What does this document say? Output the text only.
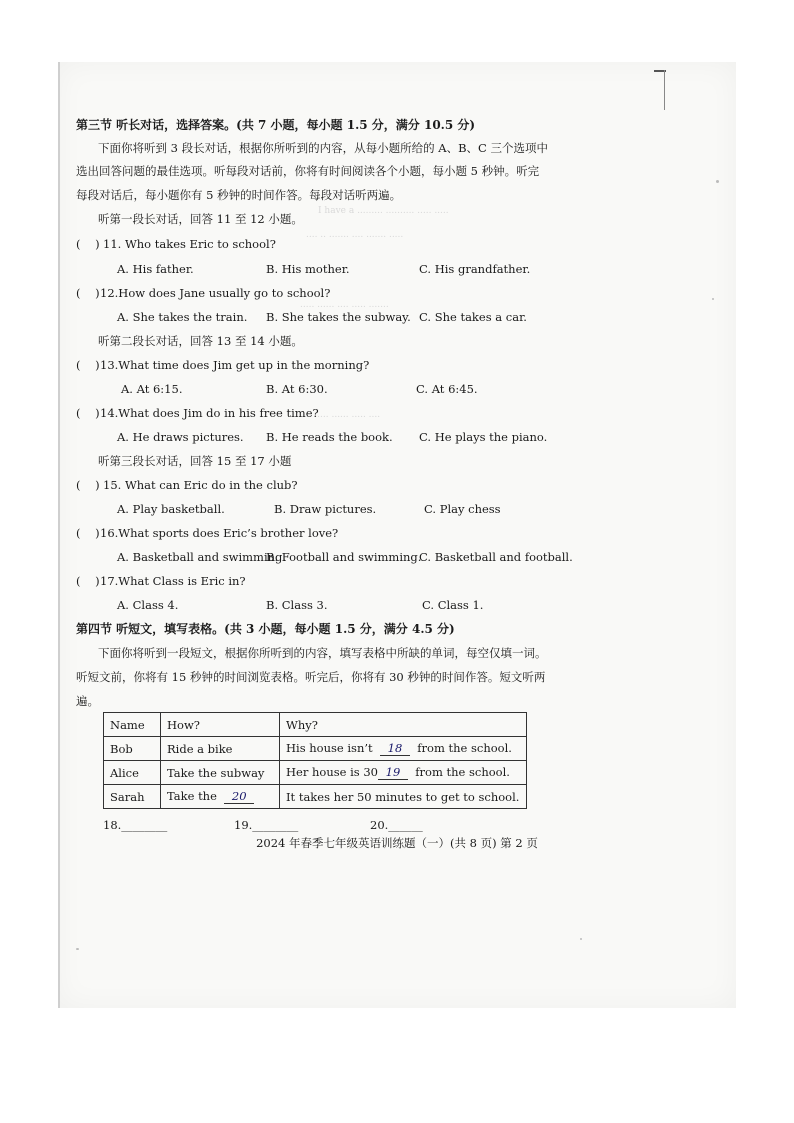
I have a ......... .......... ..... .....
.... .. ....... .... ....... .....
..... ...... .... ..... .......
.... ..... ...... ..... ....
第三节 听长对话，选择答案。(共 7 小题，每小题 1.5 分，满分 10.5 分)
下面你将听到 3 段长对话，根据你所听到的内容，从每小题所给的 A、B、C 三个选项中
选出回答问题的最佳选项。听每段对话前，你将有时间阅读各个小题，每小题 5 秒钟。听完
每段对话后，每小题你有 5 秒钟的时间作答。每段对话听两遍。
听第一段长对话，回答 11 至 12 小题。
( ) 11. Who takes Eric to school?
A. His father.	B. His mother.	C. His grandfather.
( ) 12.How does Jane usually go to school?
A. She takes the train. B. She takes the subway. C. She takes a car.
听第二段长对话，回答 13 至 14 小题。
( ) 13.What time does Jim get up in the morning?
A. At 6:15.	B. At 6:30.	C. At 6:45.
( ) 14.What does Jim do in his free time?
A. He draws pictures. B. He reads the book. C. He plays the piano.
听第三段长对话，回答 15 至 17 小题
( ) 15. What can Eric do in the club?
A. Play basketball.	B. Draw pictures.	C. Play chess
( ) 16.What sports does Eric’s brother love?
A. Basketball and swimming.
B. Football and swimming.
C. Basketball and football.
( ) 17.What Class is Eric in?
A. Class 4.	B. Class 3.	C. Class 1.
第四节 听短文，填写表格。(共 3 小题，每小题 1.5 分，满分 4.5 分)
下面你将听到一段短文，根据你所听到的内容，填写表格中所缺的单词，每空仅填一词。
听短文前，你将有 15 秒钟的时间浏览表格。听完后，你将有 30 秒钟的时间作答。短文听两
遍。
Name	How?	Why?
Bob	Ride a bike	His house isn’t 18 from the school.
Alice	Take the subway	Her house is 30 19 from the school.
Sarah	Take the 20	It takes her 50 minutes to get to school.
18.________	19.________	20.______
2024 年春季七年级英语训练题（一）(共 8 页) 第 2 页
